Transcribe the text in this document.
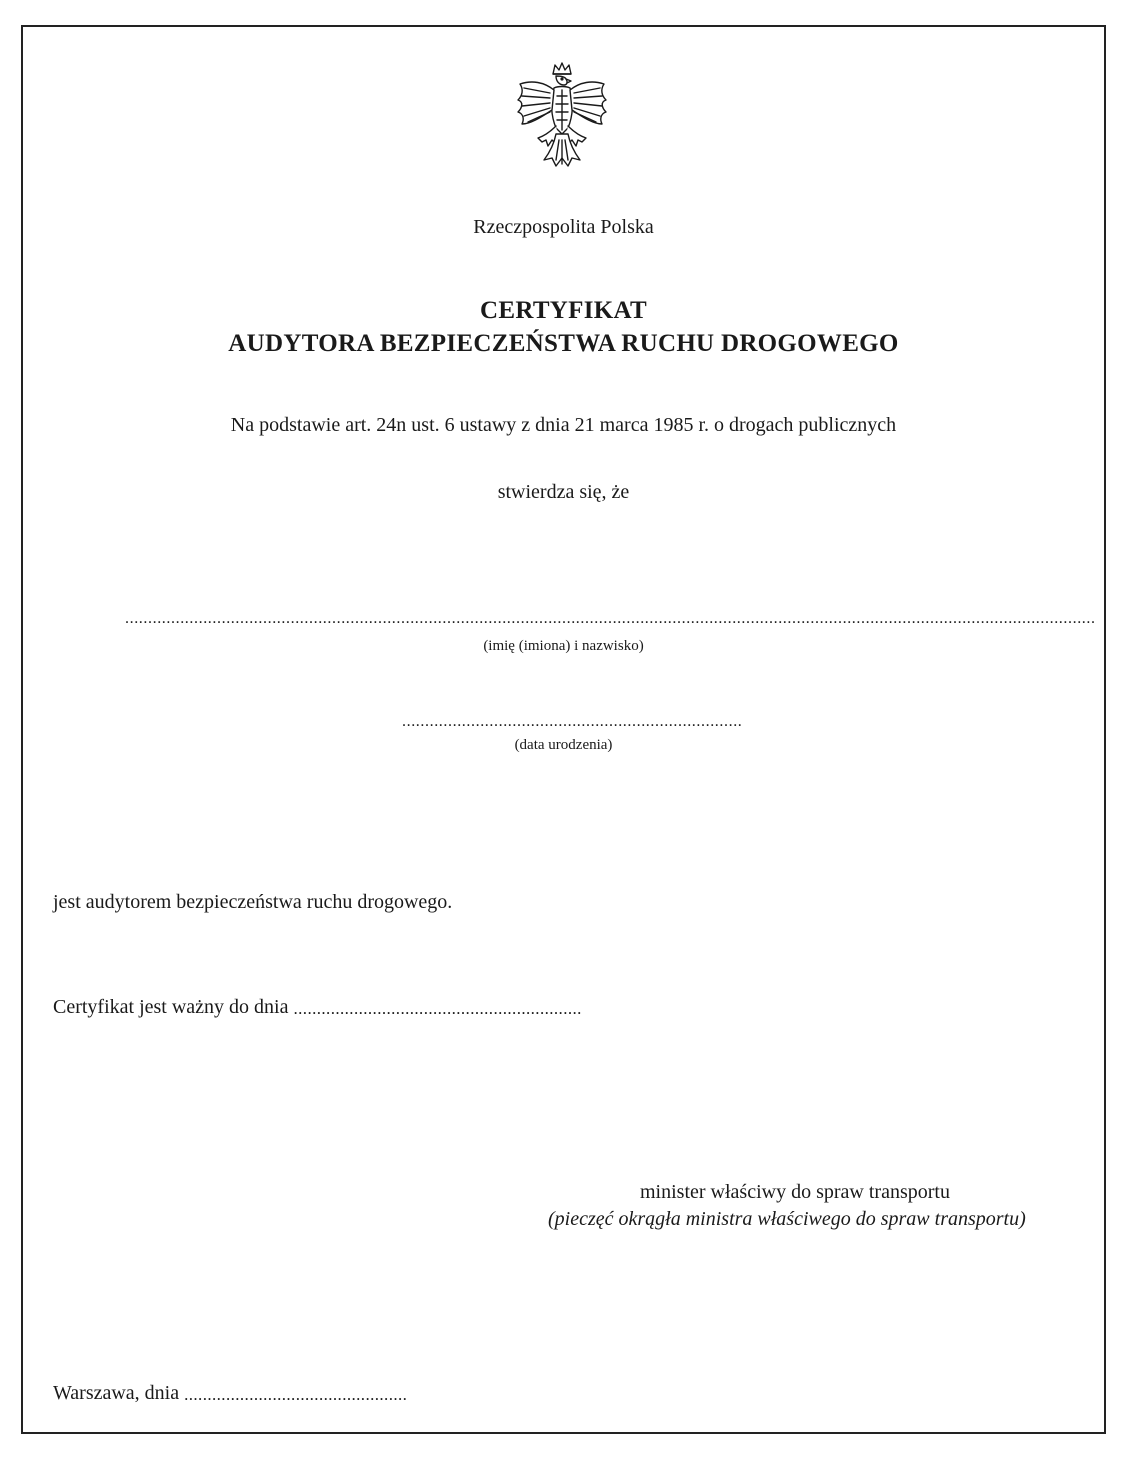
Rzeczpospolita Polska
CERTYFIKAT
AUDYTORA BEZPIECZEŃSTWA RUCHU DROGOWEGO
Na podstawie art. 24n ust. 6 ustawy z dnia 21 marca 1985 r. o drogach publicznych
stwierdza się, że
...................................................................................................................................................................................................................
(imię (imiona) i nazwisko)
..........................................................................
(data urodzenia)
jest audytorem bezpieczeństwa ruchu drogowego.
Certyfikat jest ważny do dnia ..............................................................
minister właściwy do spraw transportu
(pieczęć okrągła ministra właściwego do spraw transportu)
Warszawa, dnia ................................................
